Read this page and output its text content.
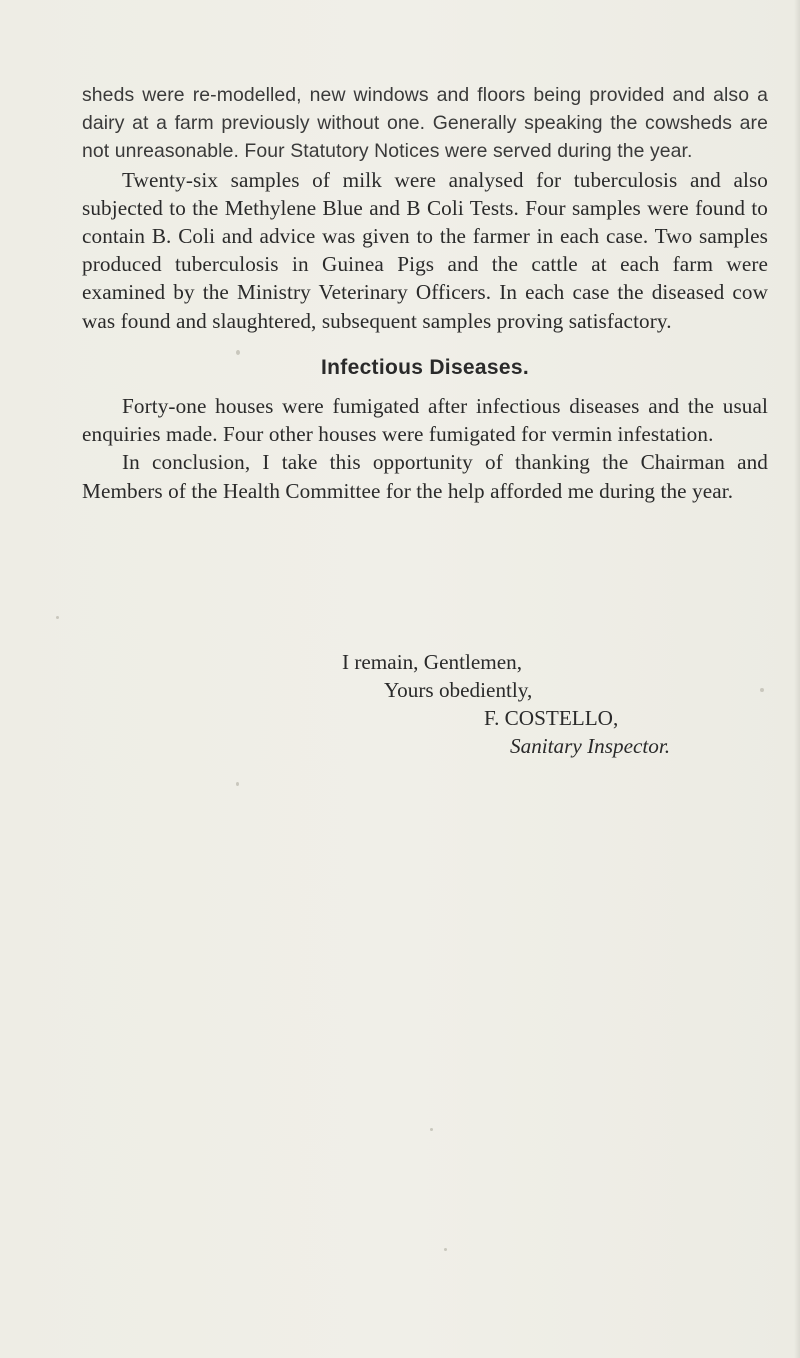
sheds were re-modelled, new windows and floors being provided and also a dairy at a farm previously without one. Generally speaking the cowsheds are not unreasonable. Four Statutory Notices were served during the year.

Twenty-six samples of milk were analysed for tuberculosis and also subjected to the Methylene Blue and B Coli Tests. Four samples were found to contain B. Coli and advice was given to the farmer in each case. Two samples produced tuberculosis in Guinea Pigs and the cattle at each farm were examined by the Ministry Veterinary Officers. In each case the diseased cow was found and slaughtered, subsequent samples proving satisfactory.

Infectious Diseases.

Forty-one houses were fumigated after infectious diseases and the usual enquiries made. Four other houses were fumigated for vermin infestation.

In conclusion, I take this opportunity of thanking the Chairman and Members of the Health Committee for the help afforded me during the year.

I remain, Gentlemen,
Yours obediently,
F. COSTELLO,
Sanitary Inspector.
